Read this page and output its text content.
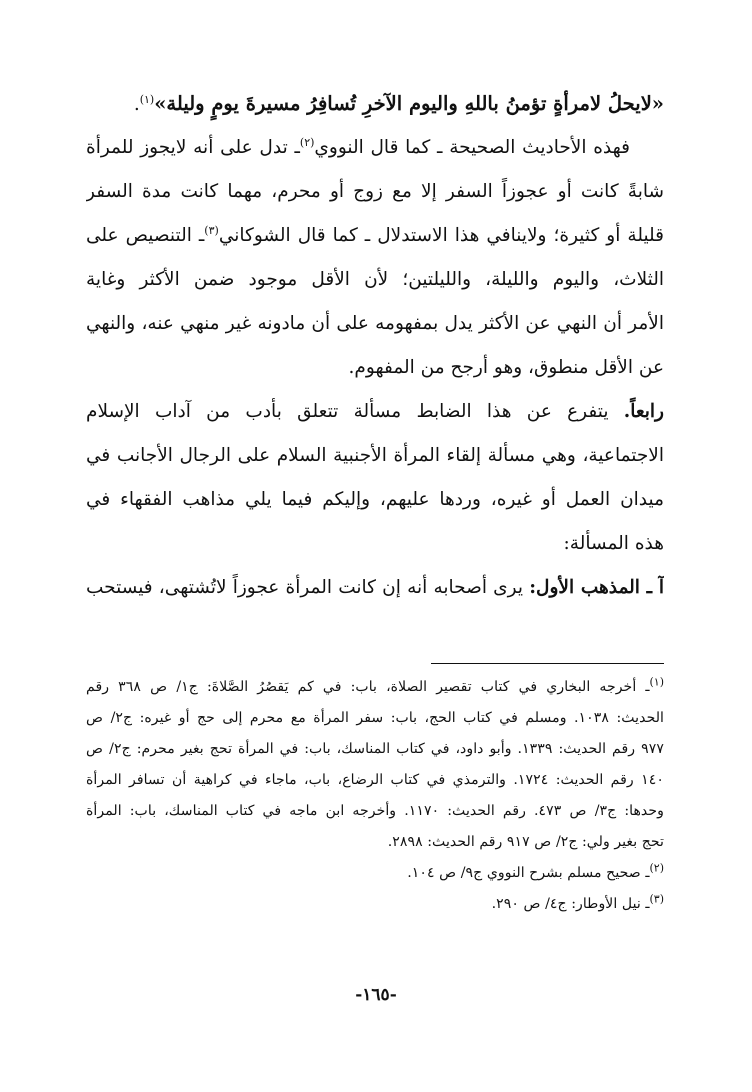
«لايحلُ لامرأةٍ تؤمنُ باللهِ واليوم الآخرِ تُسافِرُ مسيرةَ يومٍ وليلة»$^{(١)}$.
فهذه الأحاديث الصحيحة ـ كما قال النووي$^{(٢)}$ـ تدل على أنه لايجوز للمرأة
شابةً كانت أو عجوزاً السفر إلا مع زوج أو محرم، مهما كانت مدة السفر
قليلة أو كثيرة؛ ولاينافي هذا الاستدلال ـ كما قال الشوكاني$^{(٣)}$ـ التنصيص على
الثلاث، واليوم والليلة، والليلتين؛ لأن الأقل موجود ضمن الأكثر وغاية
الأمر أن النهي عن الأكثر يدل بمفهومه على أن مادونه غير منهي عنه، والنهي
عن الأقل منطوق، وهو أرجح من المفهوم.
رابعاً. يتفرع عن هذا الضابط مسألة تتعلق بأدب من آداب الإسلام
الاجتماعية، وهي مسألة إلقاء المرأة الأجنبية السلام على الرجال الأجانب في
ميدان العمل أو غيره، وردها عليهم، وإليكم فيما يلي مذاهب الفقهاء في
هذه المسألة:
آ ـ المذهب الأول: يرى أصحابه أنه إن كانت المرأة عجوزاً لاتُشتهى، فيستحب
$^{(١)}$ـ أخرجه البخاري في كتاب تقصير الصلاة، باب: في كم يَقصُرُ الصَّلاةَ: ج١/ ص ٣٦٨ رقم
الحديث: ١٠٣٨. ومسلم في كتاب الحج، باب: سفر المرأة مع محرم إلى حج أو غيره: ج٢/ ص
٩٧٧ رقم الحديث: ١٣٣٩. وأبو داود، في كتاب المناسك، باب: في المرأة تحج بغير محرم: ج٢/ ص
١٤٠ رقم الحديث: ١٧٢٤. والترمذي في كتاب الرضاع، باب، ماجاء في كراهية أن تسافر المرأة
وحدها: ج٣/ ص ٤٧٣. رقم الحديث: ١١٧٠. وأخرجه ابن ماجه في كتاب المناسك، باب: المرأة
تحج بغير ولي: ج٢/ ص ٩١٧ رقم الحديث: ٢٨٩٨.
$^{(٢)}$ـ صحيح مسلم بشرح النووي ج٩/ ص ١٠٤.
$^{(٣)}$ـ نيل الأوطار: ج٤/ ص ٢٩٠.
-١٦٥-
